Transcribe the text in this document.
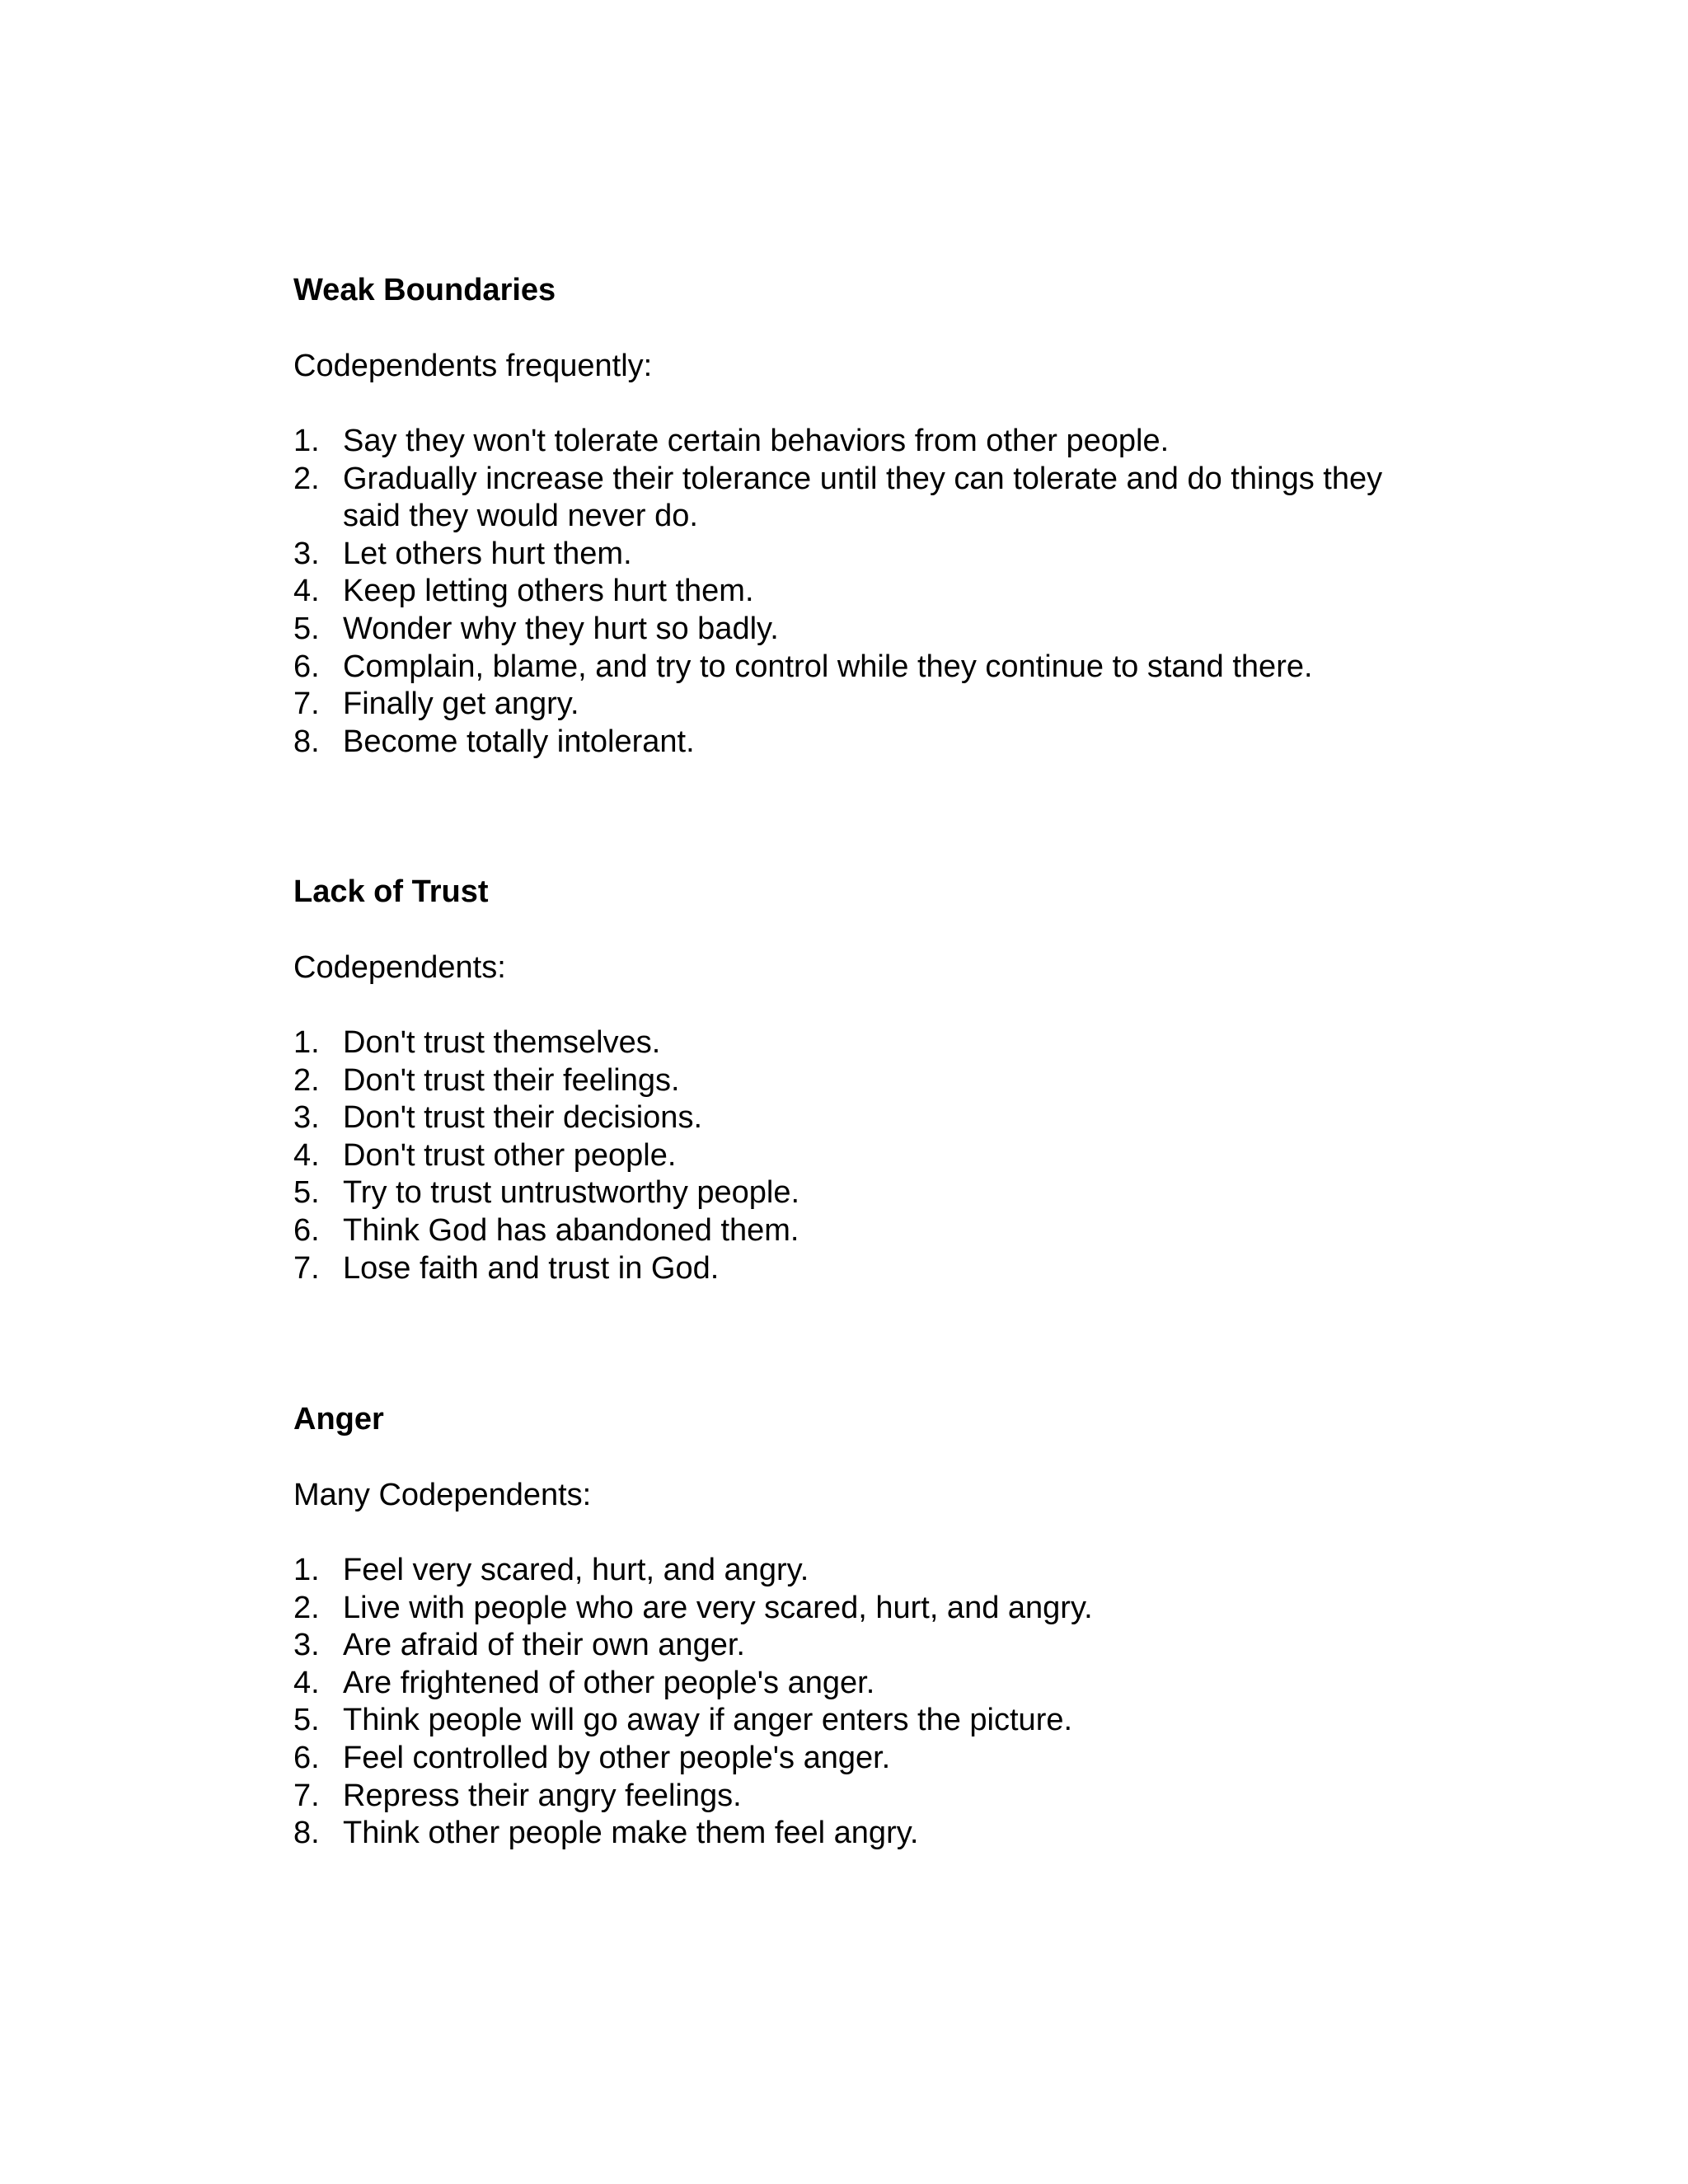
Weak Boundaries

Codependents frequently:

1. Say they won't tolerate certain behaviors from other people.
2. Gradually increase their tolerance until they can tolerate and do things they said they would never do.
3. Let others hurt them.
4. Keep letting others hurt them.
5. Wonder why they hurt so badly.
6. Complain, blame, and try to control while they continue to stand there.
7. Finally get angry.
8. Become totally intolerant.
Lack of Trust

Codependents:

1. Don't trust themselves.
2. Don't trust their feelings.
3. Don't trust their decisions.
4. Don't trust other people.
5. Try to trust untrustworthy people.
6. Think God has abandoned them.
7. Lose faith and trust in God.
Anger

Many Codependents:

1. Feel very scared, hurt, and angry.
2. Live with people who are very scared, hurt, and angry.
3. Are afraid of their own anger.
4. Are frightened of other people's anger.
5. Think people will go away if anger enters the picture.
6. Feel controlled by other people's anger.
7. Repress their angry feelings.
8. Think other people make them feel angry.
